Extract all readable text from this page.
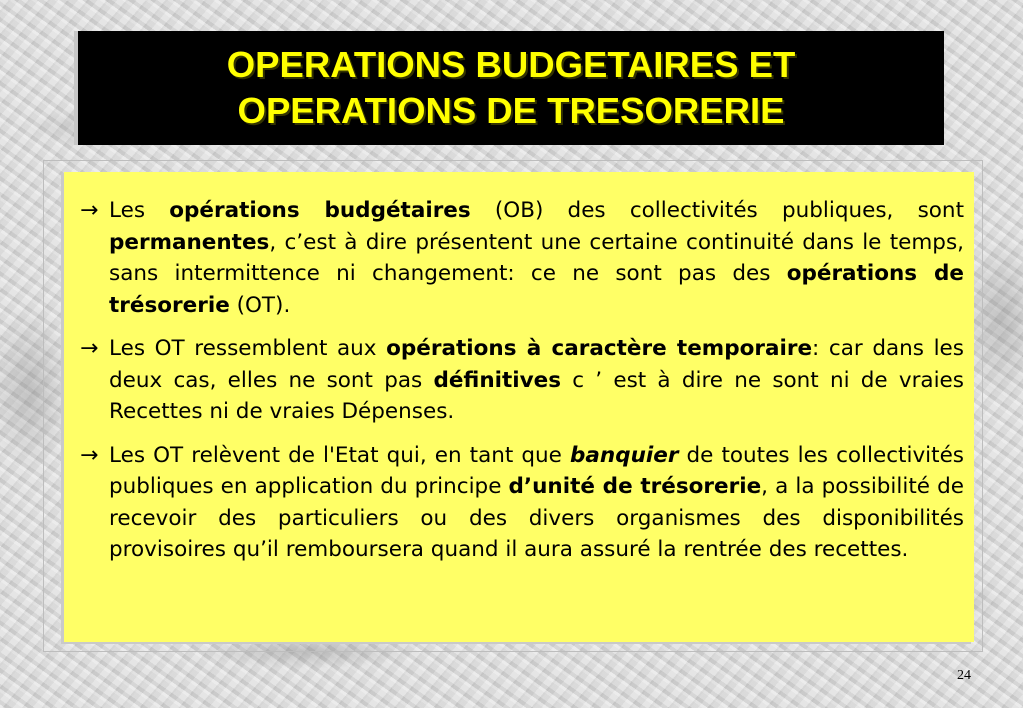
OPERATIONS BUDGETAIRES ET
OPERATIONS DE TRESORERIE

→ Les opérations budgétaires (OB) des collectivités publiques, sont permanentes, c’est à dire présentent une certaine continuité dans le temps, sans intermittence ni changement: ce ne sont pas des opérations de trésorerie (OT).

→ Les OT ressemblent aux opérations à caractère temporaire: car dans les deux cas, elles ne sont pas définitives c ’ est à dire ne sont ni de vraies Recettes ni de vraies Dépenses.

→ Les OT relèvent de l'Etat qui, en tant que banquier de toutes les collectivités publiques en application du principe d’unité de trésorerie, a la possibilité de recevoir des particuliers ou des divers organismes des disponibilités provisoires qu’il remboursera quand il aura assuré la rentrée des recettes.

24
